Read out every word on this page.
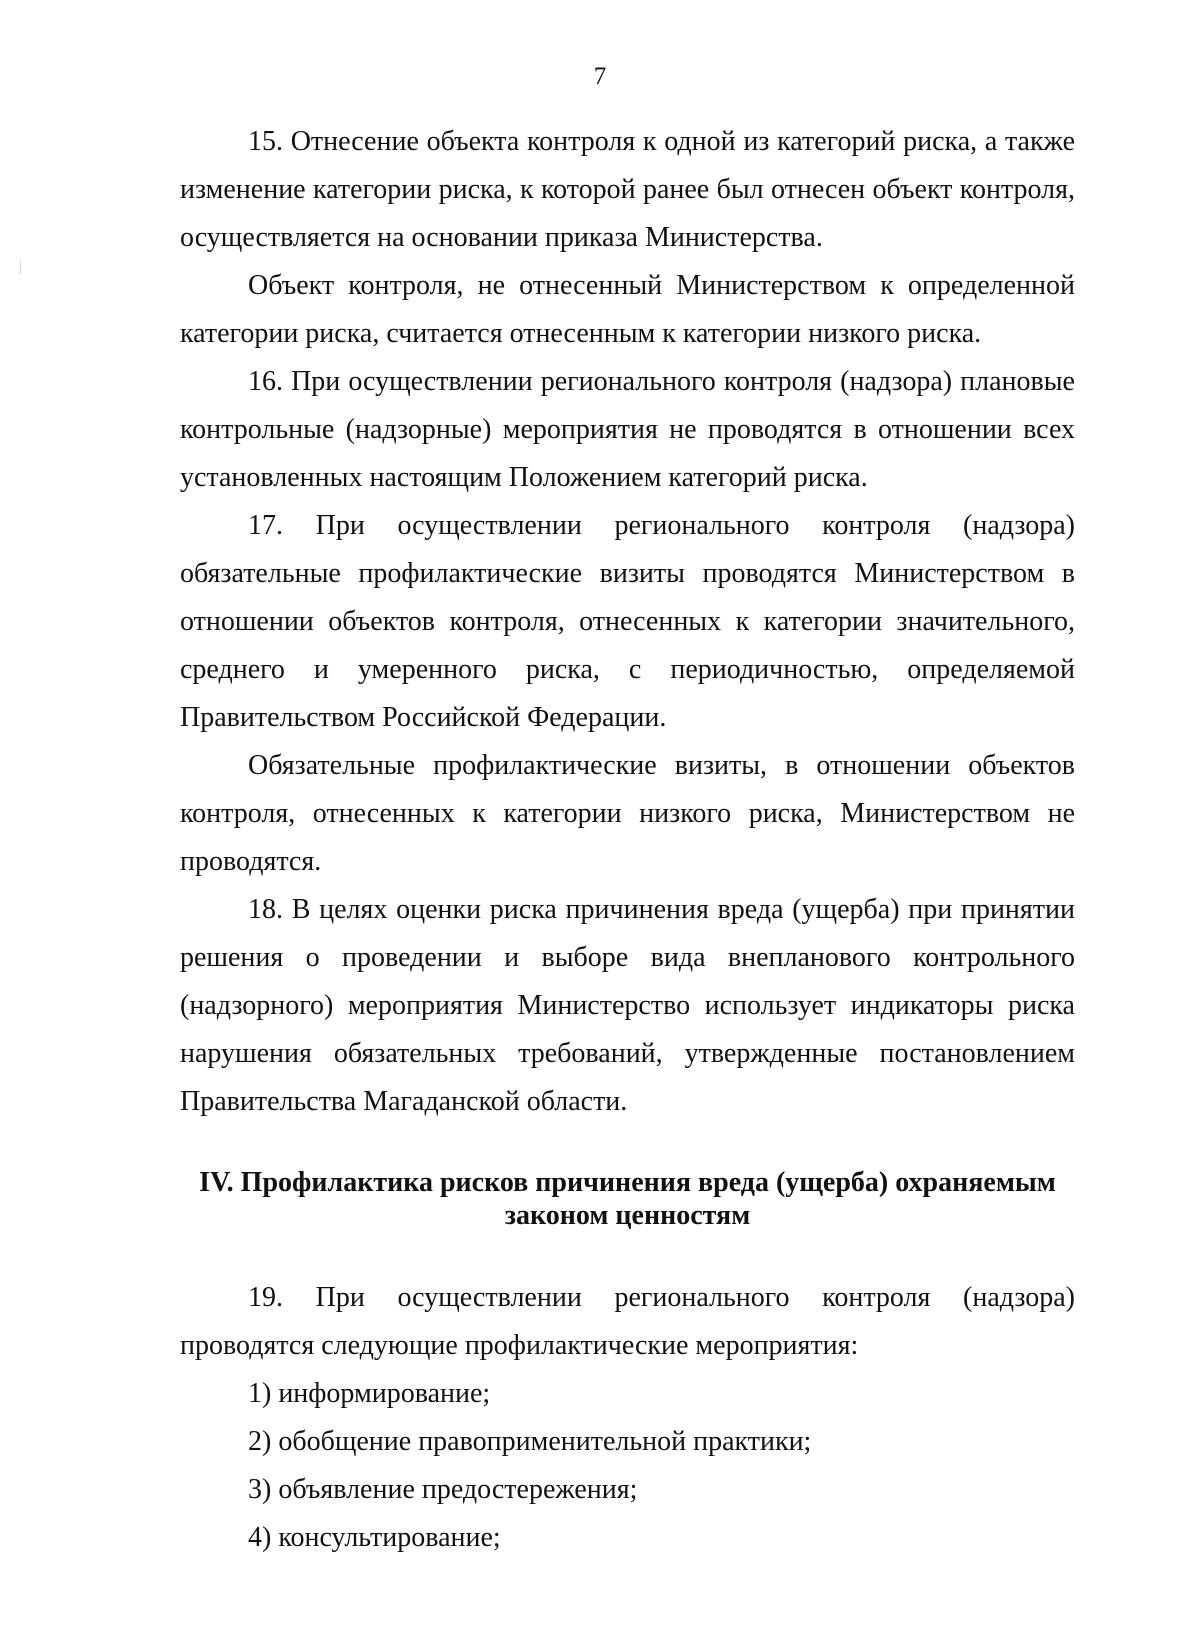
7

15. Отнесение объекта контроля к одной из категорий риска, а также изменение категории риска, к которой ранее был отнесен объект контроля, осуществляется на основании приказа Министерства.

Объект контроля, не отнесенный Министерством к определенной категории риска, считается отнесенным к категории низкого риска.

16. При осуществлении регионального контроля (надзора) плановые контрольные (надзорные) мероприятия не проводятся в отношении всех установленных настоящим Положением категорий риска.

17. При осуществлении регионального контроля (надзора) обязательные профилактические визиты проводятся Министерством в отношении объектов контроля, отнесенных к категории значительного, среднего и умеренного риска, с периодичностью, определяемой Правительством Российской Федерации.

Обязательные профилактические визиты, в отношении объектов контроля, отнесенных к категории низкого риска, Министерством не проводятся.

18. В целях оценки риска причинения вреда (ущерба) при принятии решения о проведении и выборе вида внепланового контрольного (надзорного) мероприятия Министерство использует индикаторы риска нарушения обязательных требований, утвержденные постановлением Правительства Магаданской области.

IV. Профилактика рисков причинения вреда (ущерба) охраняемым законом ценностям

19. При осуществлении регионального контроля (надзора) проводятся следующие профилактические мероприятия:

1) информирование;

2) обобщение правоприменительной практики;

3) объявление предостережения;

4) консультирование;
